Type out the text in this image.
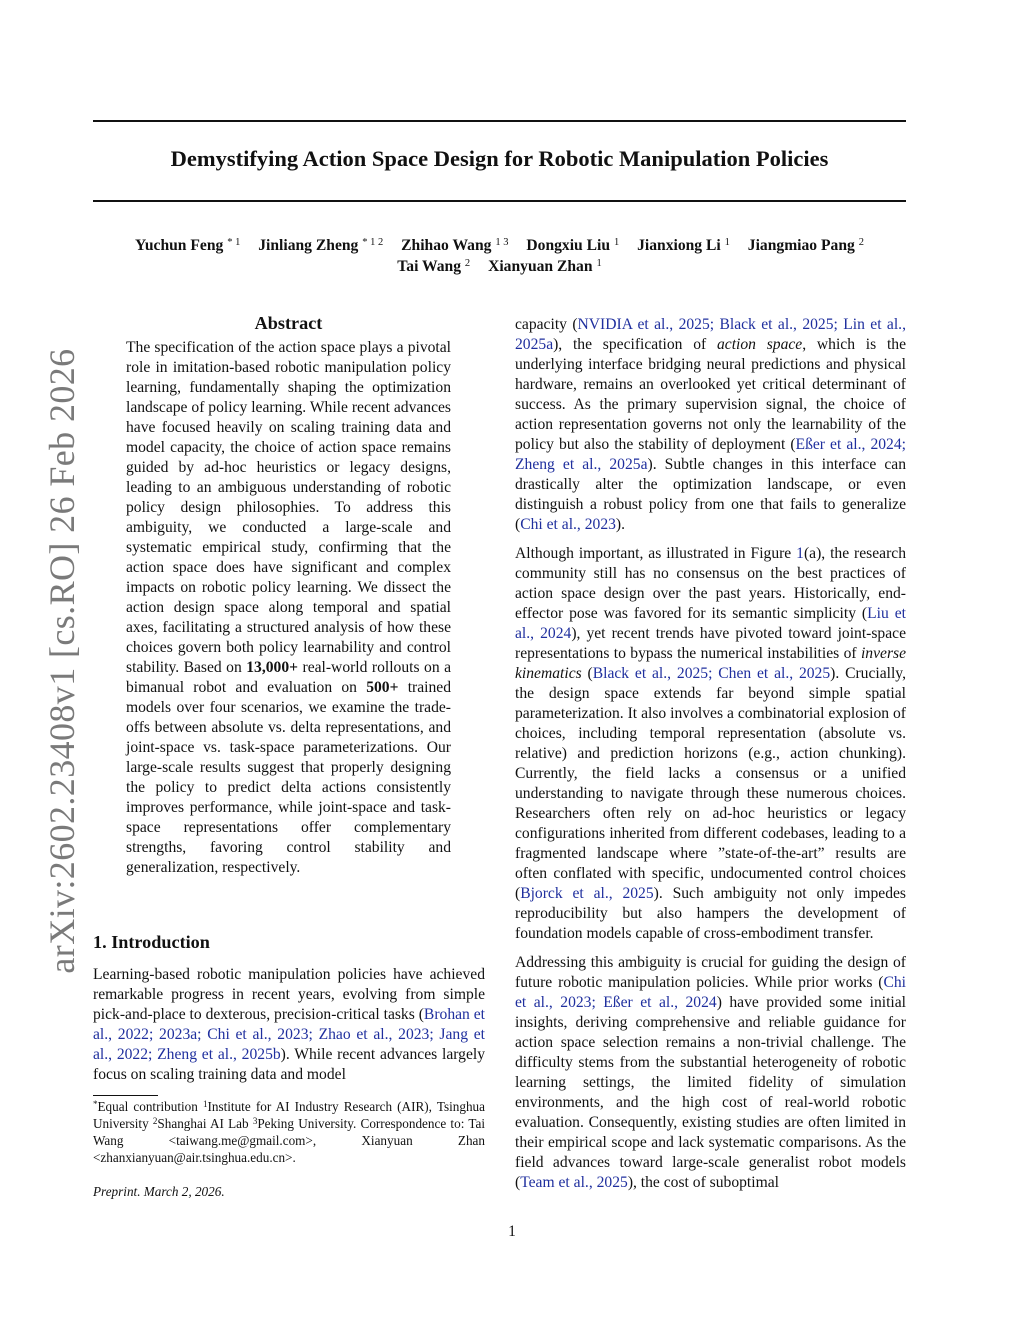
Demystifying Action Space Design for Robotic Manipulation Policies
Yuchun Feng $^{* 1}$ Jinliang Zheng $^{* 1 2}$ Zhihao Wang $^{1 3}$ Dongxiu Liu $^1$ Jianxiong Li $^1$ Jiangmiao Pang $^2$
Tai Wang $^2$ Xianyuan Zhan $^1$
arXiv:2602.23408v1 [cs.RO] 26 Feb 2026
Abstract

The specification of the action space plays a pivotal role in imitation-based robotic manipulation policy learning, fundamentally shaping the optimization landscape of policy learning. While recent advances have focused heavily on scaling training data and model capacity, the choice of action space remains guided by ad-hoc heuristics or legacy designs, leading to an ambiguous understanding of robotic policy design philosophies. To address this ambiguity, we conducted a large-scale and systematic empirical study, confirming that the action space does have significant and complex impacts on robotic policy learning. We dissect the action design space along temporal and spatial axes, facilitating a structured analysis of how these choices govern both policy learnability and control stability. Based on 13,000+ real-world rollouts on a bimanual robot and evaluation on 500+ trained models over four scenarios, we examine the trade-offs between absolute vs. delta representations, and joint-space vs. task-space parameterizations. Our large-scale results suggest that properly designing the policy to predict delta actions consistently improves performance, while joint-space and task-space representations offer complementary strengths, favoring control stability and generalization, respectively.

1. Introduction

Learning-based robotic manipulation policies have achieved remarkable progress in recent years, evolving from simple pick-and-place to dexterous, precision-critical tasks (Brohan et al., 2022; 2023a; Chi et al., 2023; Zhao et al., 2023; Jang et al., 2022; Zheng et al., 2025b). While recent advances largely focus on scaling training data and model

capacity (NVIDIA et al., 2025; Black et al., 2025; Lin et al., 2025a), the specification of action space, which is the underlying interface bridging neural predictions and physical hardware, remains an overlooked yet critical determinant of success. As the primary supervision signal, the choice of action representation governs not only the learnability of the policy but also the stability of deployment (Eßer et al., 2024; Zheng et al., 2025a). Subtle changes in this interface can drastically alter the optimization landscape, or even distinguish a robust policy from one that fails to generalize (Chi et al., 2023).

Although important, as illustrated in Figure 1(a), the research community still has no consensus on the best practices of action space design over the past years. Historically, end-effector pose was favored for its semantic simplicity (Liu et al., 2024), yet recent trends have pivoted toward joint-space representations to bypass the numerical instabilities of inverse kinematics (Black et al., 2025; Chen et al., 2025). Crucially, the design space extends far beyond simple spatial parameterization. It also involves a combinatorial explosion of choices, including temporal representation (absolute vs. relative) and prediction horizons (e.g., action chunking). Currently, the field lacks a consensus or a unified understanding to navigate through these numerous choices. Researchers often rely on ad-hoc heuristics or legacy configurations inherited from different codebases, leading to a fragmented landscape where ”state-of-the-art” results are often conflated with specific, undocumented control choices (Bjorck et al., 2025). Such ambiguity not only impedes reproducibility but also hampers the development of foundation models capable of cross-embodiment transfer.

Addressing this ambiguity is crucial for guiding the design of future robotic manipulation policies. While prior works (Chi et al., 2023; Eßer et al., 2024) have provided some initial insights, deriving comprehensive and reliable guidance for action space selection remains a non-trivial challenge. The difficulty stems from the substantial heterogeneity of robotic learning settings, the limited fidelity of simulation environments, and the high cost of real-world robotic evaluation. Consequently, existing studies are often limited in their empirical scope and lack systematic comparisons. As the field advances toward large-scale generalist robot models (Team et al., 2025), the cost of suboptimal

*Equal contribution $^1$Institute for AI Industry Research (AIR), Tsinghua University $^2$Shanghai AI Lab $^3$Peking University. Correspondence to: Tai Wang <taiwang.me@gmail.com>, Xianyuan Zhan <zhanxianyuan@air.tsinghua.edu.cn>.
Preprint. March 2, 2026.
1
